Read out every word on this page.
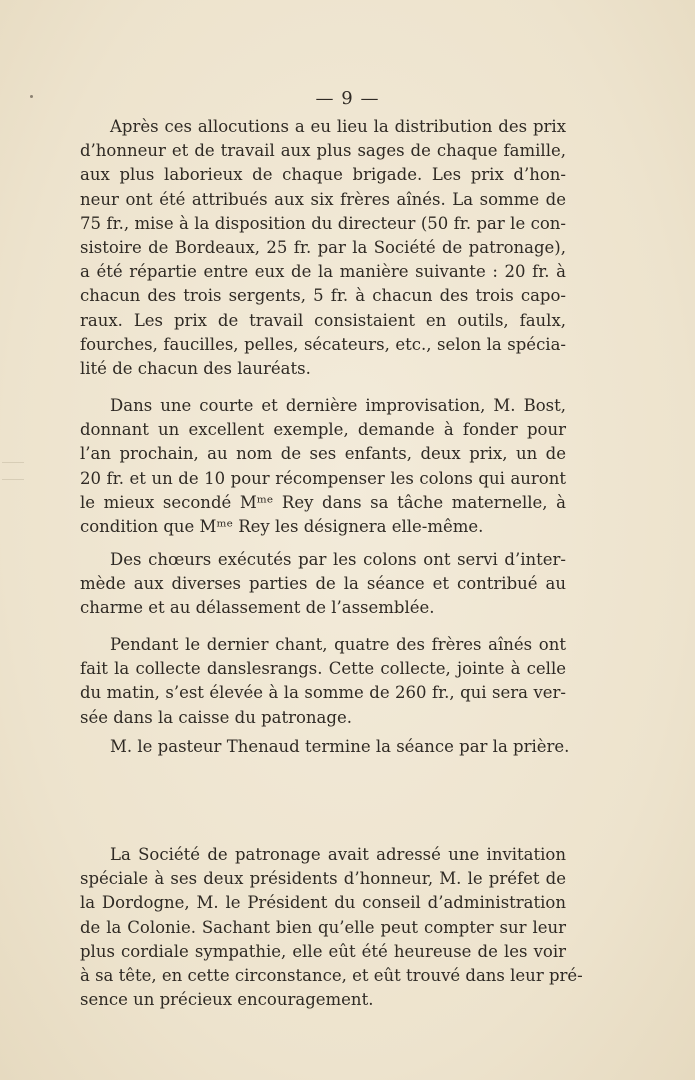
— 9 —

Après ces allocutions a eu lieu la distribution des prix
d’honneur et de travail aux plus sages de chaque famille,
aux plus laborieux de chaque brigade. Les prix d’hon-
neur ont été attribués aux six frères aînés. La somme de
75 fr., mise à la disposition du directeur (50 fr. par le con-
sistoire de Bordeaux, 25 fr. par la Société de patronage),
a été répartie entre eux de la manière suivante : 20 fr. à
chacun des trois sergents, 5 fr. à chacun des trois capo-
raux. Les prix de travail consistaient en outils, faulx,
fourches, faucilles, pelles, sécateurs, etc., selon la spécia-
lité de chacun des lauréats.

Dans une courte et dernière improvisation, M. Bost,
donnant un excellent exemple, demande à fonder pour
l’an prochain, au nom de ses enfants, deux prix, un de
20 fr. et un de 10 pour récompenser les colons qui auront
le mieux secondé Mᵐᵉ Rey dans sa tâche maternelle, à
condition que Mᵐᵉ Rey les désignera elle-même.

Des chœurs exécutés par les colons ont servi d’inter-
mède aux diverses parties de la séance et contribué au
charme et au délassement de l’assemblée.

Pendant le dernier chant, quatre des frères aînés ont
fait la collecte danslesrangs. Cette collecte, jointe à celle
du matin, s’est élevée à la somme de 260 fr., qui sera ver-
sée dans la caisse du patronage.

M. le pasteur Thenaud termine la séance par la prière.

La Société de patronage avait adressé une invitation
spéciale à ses deux présidents d’honneur, M. le préfet de
la Dordogne, M. le Président du conseil d’administration
de la Colonie. Sachant bien qu’elle peut compter sur leur
plus cordiale sympathie, elle eût été heureuse de les voir
à sa tête, en cette circonstance, et eût trouvé dans leur pré-
sence un précieux encouragement.
